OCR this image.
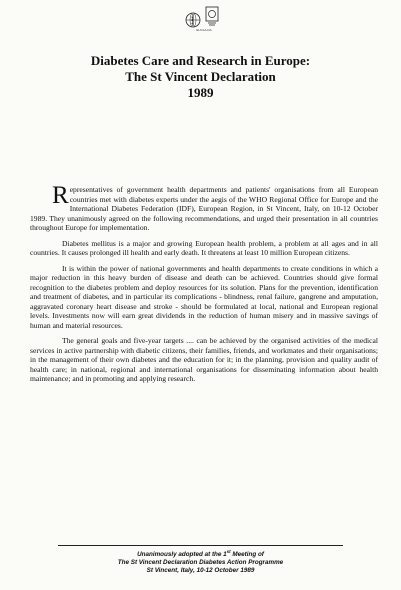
EUCLA-DA
Diabetes Care and Research in Europe:
The St Vincent Declaration
1989

Representatives of government health departments and patients' organisations from all European countries met with diabetes experts under the aegis of the WHO Regional Office for Europe and the International Diabetes Federation (IDF), European Region, in St Vincent, Italy, on 10-12 October 1989. They unanimously agreed on the following recommendations, and urged their presentation in all countries throughout Europe for implementation.

Diabetes mellitus is a major and growing European health problem, a problem at all ages and in all countries. It causes prolonged ill health and early death. It threatens at least 10 million European citizens.

It is within the power of national governments and health departments to create conditions in which a major reduction in this heavy burden of disease and death can be achieved. Countries should give formal recognition to the diabetes problem and deploy resources for its solution. Plans for the prevention, identification and treatment of diabetes, and in particular its complications - blindness, renal failure, gangrene and amputation, aggravated coronary heart disease and stroke - should be formulated at local, national and European regional levels. Investments now will earn great dividends in the reduction of human misery and in massive savings of human and material resources.

The general goals and five-year targets .... can be achieved by the organised activities of the medical services in active partnership with diabetic citizens, their families, friends, and workmates and their organisations; in the management of their own diabetes and the education for it; in the planning, provision and quality audit of health care; in national, regional and international organisations for disseminating information about health maintenance; and in promoting and applying research.

Unanimously adopted at the 1st Meeting of
The St Vincent Declaration Diabetes Action Programme
St Vincent, Italy, 10-12 October 1989
